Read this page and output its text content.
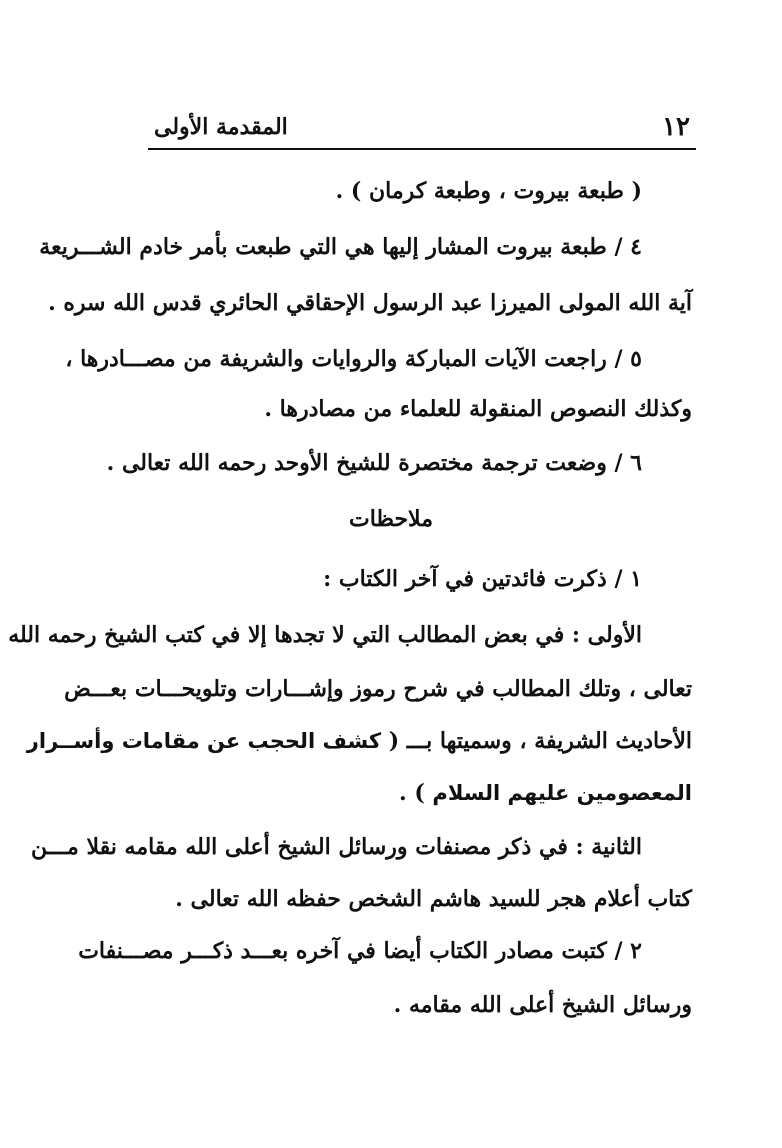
١٢
المقدمة الأولى
( طبعة بيروت ، وطبعة كرمان ) .
٤ / طبعة بيروت المشار إليها هي التي طبعت بأمر خادم الشـــريعة
آية الله المولى الميرزا عبد الرسول الإحقاقي الحائري قدس الله سره .
٥ / راجعت الآيات المباركة والروايات والشريفة من مصـــادرها ،
وكذلك النصوص المنقولة للعلماء من مصادرها .
٦ / وضعت ترجمة مختصرة للشيخ الأوحد رحمه الله تعالى .
ملاحظات
١ / ذكرت فائدتين في آخر الكتاب :
الأولى : في بعض المطالب التي لا تجدها إلا في كتب الشيخ رحمه الله
تعالى ، وتلك المطالب في شرح رموز وإشـــارات وتلويحـــات بعـــض
الأحاديث الشريفة ، وسميتها بـــ ( كشف الحجب عن مقامات وأســرار
المعصومين عليهم السلام ) .
الثانية : في ذكر مصنفات ورسائل الشيخ أعلى الله مقامه نقلا مـــن
كتاب أعلام هجر للسيد هاشم الشخص حفظه الله تعالى .
٢ / كتبت مصادر الكتاب أيضا في آخره بعـــد ذكـــر مصـــنفات
ورسائل الشيخ أعلى الله مقامه .
